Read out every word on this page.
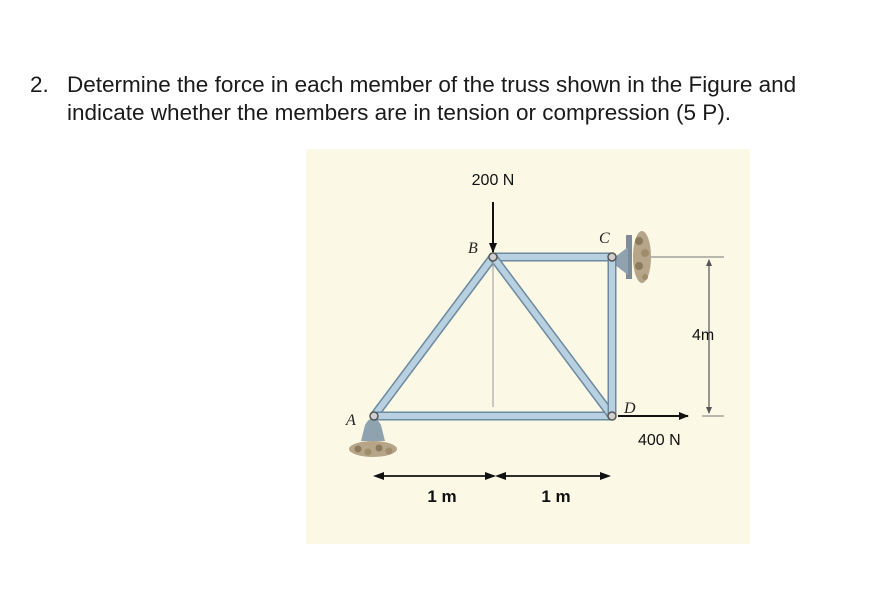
2. Determine the force in each member of the truss shown in the Figure and
indicate whether the members are in tension or compression (5 P).
200 N
400 N
A
B
C
D
4m
1 m	1 m
